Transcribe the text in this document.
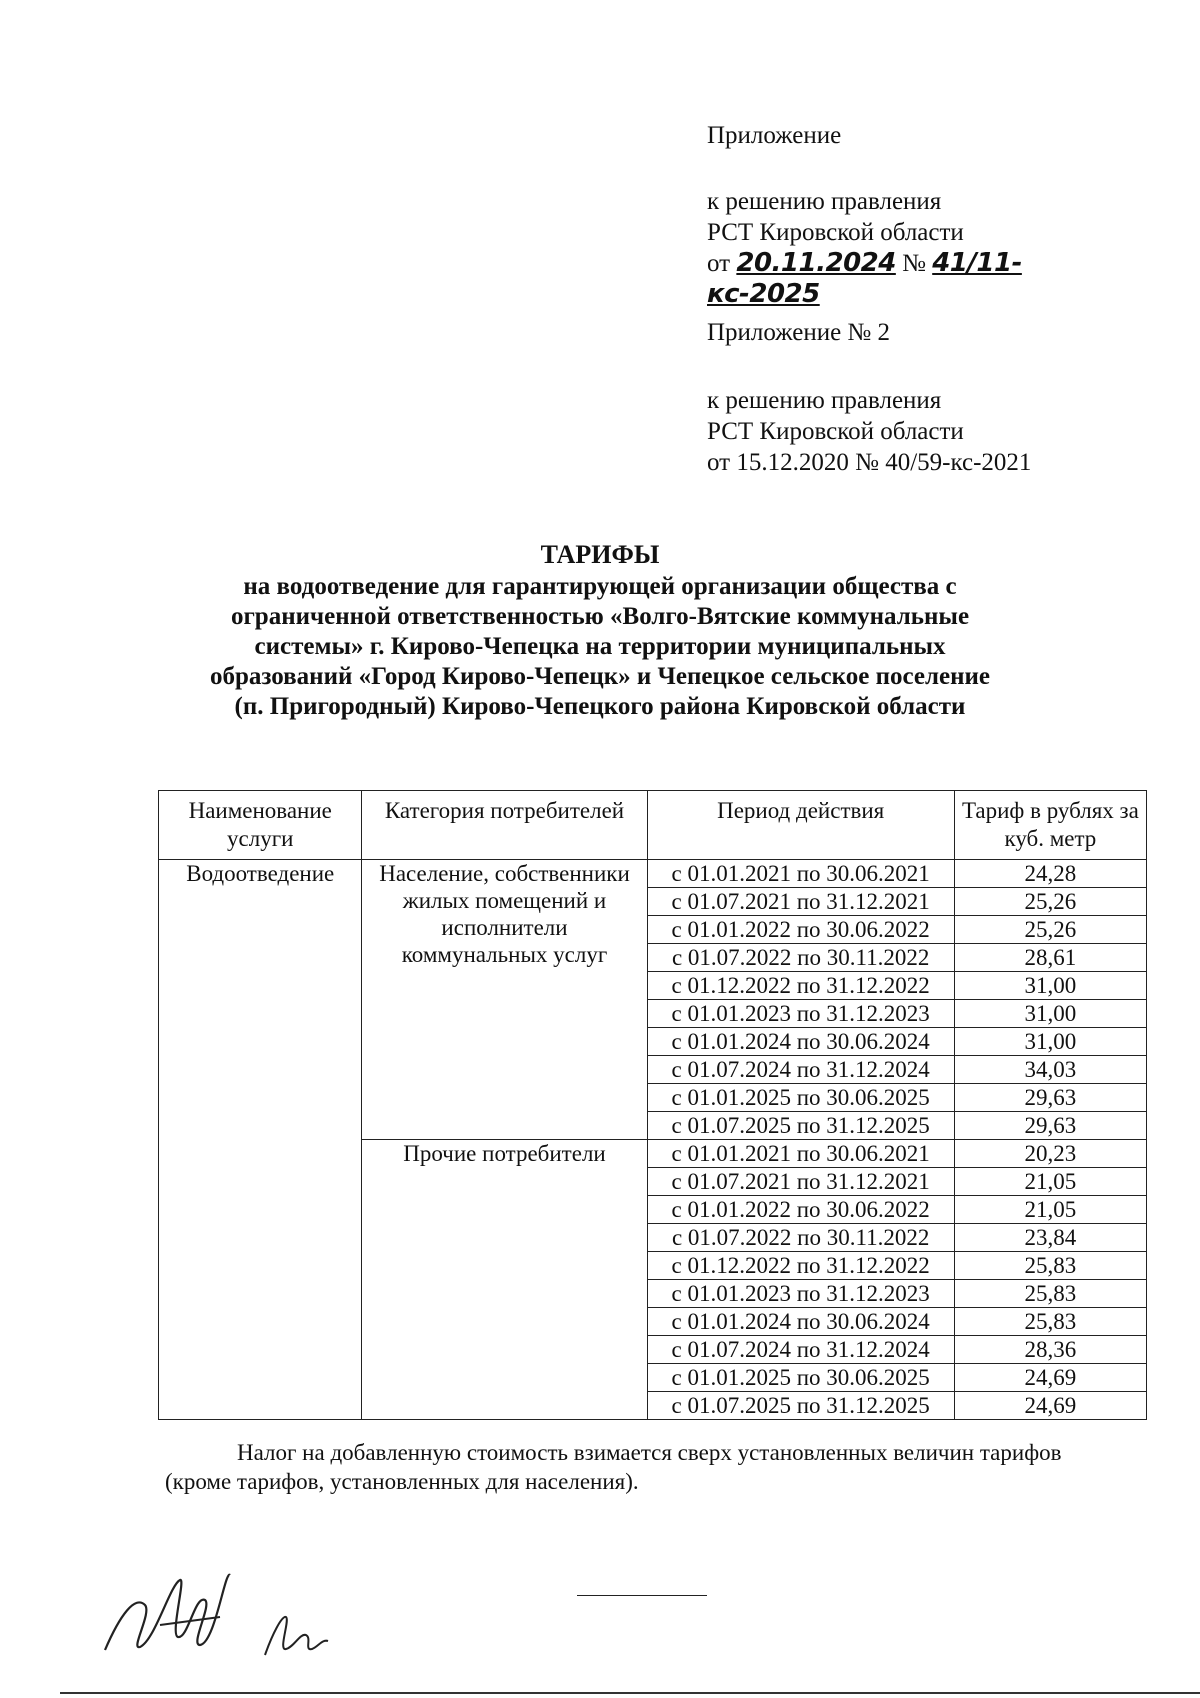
Приложение
к решению правления
РСТ Кировской области
от 20.11.2024 № 41/11-кс-2025
Приложение № 2
к решению правления
РСТ Кировской области
от 15.12.2020 № 40/59-кс-2021
ТАРИФЫ
на водоотведение для гарантирующей организации общества с
ограниченной ответственностью «Волго-Вятские коммунальные
системы» г. Кирово-Чепецка на территории муниципальных
образований «Город Кирово-Чепецк» и Чепецкое сельское поселение
(п. Пригородный) Кирово-Чепецкого района Кировской области
Наименование услуги	Категория потребителей	Период действия	Тариф в рублях за куб. метр
Водоотведение	Население, собственники жилых помещений и исполнители коммунальных услуг	с 01.01.2021 по 30.06.2021	24,28
		с 01.07.2021 по 31.12.2021	25,26
		с 01.01.2022 по 30.06.2022	25,26
		с 01.07.2022 по 30.11.2022	28,61
		с 01.12.2022 по 31.12.2022	31,00
		с 01.01.2023 по 31.12.2023	31,00
		с 01.01.2024 по 30.06.2024	31,00
		с 01.07.2024 по 31.12.2024	34,03
		с 01.01.2025 по 30.06.2025	29,63
		с 01.07.2025 по 31.12.2025	29,63
	Прочие потребители	с 01.01.2021 по 30.06.2021	20,23
		с 01.07.2021 по 31.12.2021	21,05
		с 01.01.2022 по 30.06.2022	21,05
		с 01.07.2022 по 30.11.2022	23,84
		с 01.12.2022 по 31.12.2022	25,83
		с 01.01.2023 по 31.12.2023	25,83
		с 01.01.2024 по 30.06.2024	25,83
		с 01.07.2024 по 31.12.2024	28,36
		с 01.01.2025 по 30.06.2025	24,69
		с 01.07.2025 по 31.12.2025	24,69

Налог на добавленную стоимость взимается сверх установленных величин тарифов (кроме тарифов, установленных для населения).
